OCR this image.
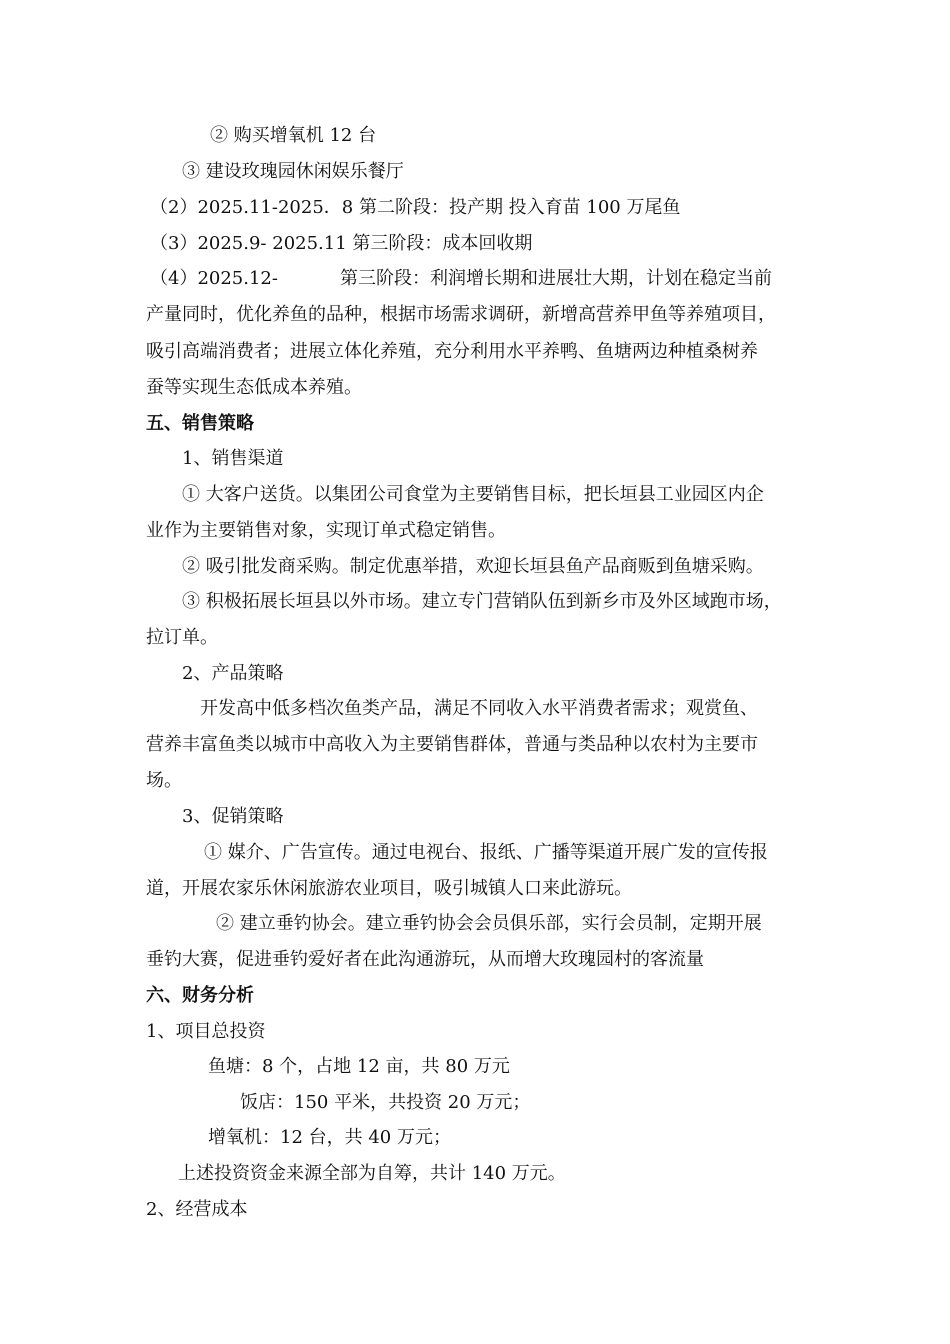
② 购买增氧机 12 台
③ 建设玫瑰园休闲娱乐餐厅
（2）2025.11-2025．8 第二阶段：投产期 投入育苗 100 万尾鱼
（3）2025.9- 2025.11 第三阶段：成本回收期
（4）2025.12-	第三阶段：利润增长期和进展壮大期，计划在稳定当前
产量同时，优化养鱼的品种，根据市场需求调研，新增高营养甲鱼等养殖项目，
吸引高端消费者；进展立体化养殖，充分利用水平养鸭、鱼塘两边种植桑树养
蚕等实现生态低成本养殖。
五、销售策略
1、销售渠道
① 大客户送货。以集团公司食堂为主要销售目标，把长垣县工业园区内企
业作为主要销售对象，实现订单式稳定销售。
② 吸引批发商采购。制定优惠举措，欢迎长垣县鱼产品商贩到鱼塘采购。
③ 积极拓展长垣县以外市场。建立专门营销队伍到新乡市及外区域跑市场，
拉订单。
2、产品策略
开发高中低多档次鱼类产品，满足不同收入水平消费者需求；观赏鱼、
营养丰富鱼类以城市中高收入为主要销售群体，普通与类品种以农村为主要市
场。
3、促销策略
① 媒介、广告宣传。通过电视台、报纸、广播等渠道开展广发的宣传报
道，开展农家乐休闲旅游农业项目，吸引城镇人口来此游玩。
② 建立垂钓协会。建立垂钓协会会员俱乐部，实行会员制，定期开展
垂钓大赛，促进垂钓爱好者在此沟通游玩，从而增大玫瑰园村的客流量
六、财务分析
1、项目总投资
鱼塘：8 个，占地 12 亩，共 80 万元
饭店：150 平米，共投资 20 万元；
增氧机：12 台，共 40 万元；
上述投资资金来源全部为自筹，共计 140 万元。
2、经营成本
